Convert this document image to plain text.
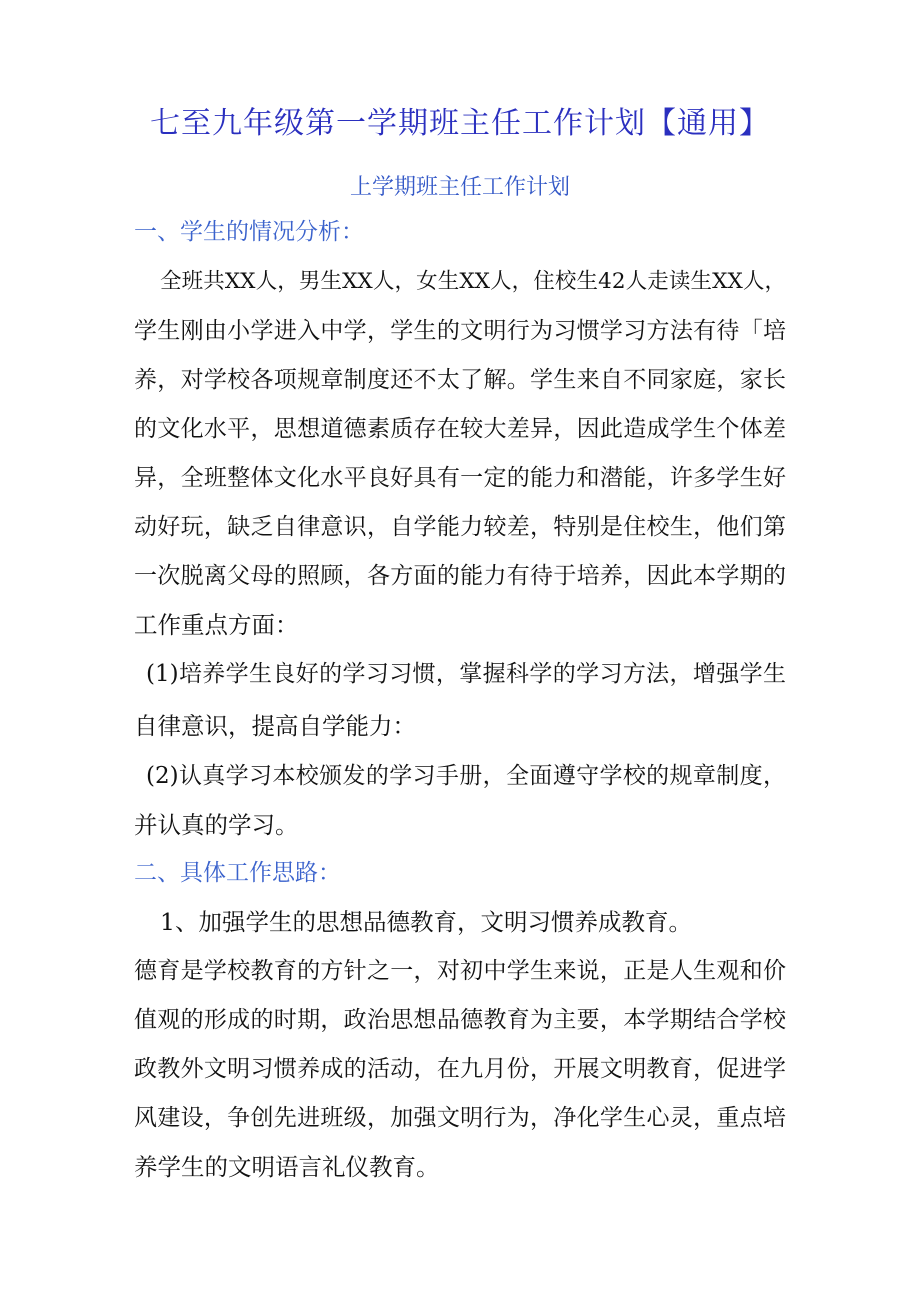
七至九年级第一学期班主任工作计划【通用】
上学期班主任工作计划
一、学生的情况分析：

全班共XX人，男生XX人，女生XX人，住校生42人走读生XX人，

学生刚由小学进入中学，学生的文明行为习惯学习方法有待「培

养，对学校各项规章制度还不太了解。学生来自不同家庭，家长

的文化水平，思想道德素质存在较大差异，因此造成学生个体差

异，全班整体文化水平良好具有一定的能力和潜能，许多学生好

动好玩，缺乏自律意识，自学能力较差，特别是住校生，他们第

一次脱离父母的照顾，各方面的能力有待于培养，因此本学期的

工作重点方面：

(1)培养学生良好的学习习惯，掌握科学的学习方法，增强学生

自律意识，提高自学能力：

(2)认真学习本校颁发的学习手册，全面遵守学校的规章制度，

并认真的学习。

二、具体工作思路：

1、加强学生的思想品德教育，文明习惯养成教育。

德育是学校教育的方针之一，对初中学生来说，正是人生观和价

值观的形成的时期，政治思想品德教育为主要，本学期结合学校

政教外文明习惯养成的活动，在九月份，开展文明教育，促进学

风建设，争创先进班级，加强文明行为，净化学生心灵，重点培

养学生的文明语言礼仪教育。
